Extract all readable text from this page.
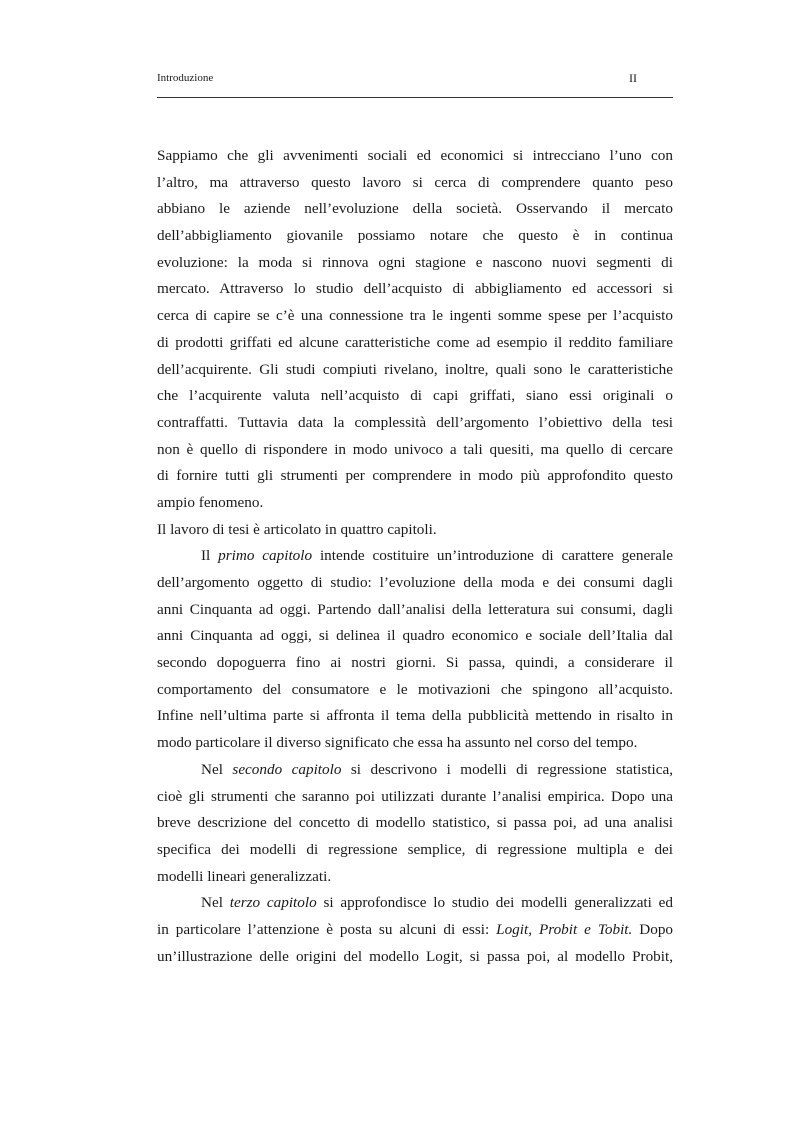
Introduzione	II
Sappiamo che gli avvenimenti sociali ed economici si intrecciano l’uno con
l’altro, ma attraverso questo lavoro si cerca di comprendere quanto peso
abbiano le aziende nell’evoluzione della società. Osservando il mercato
dell’abbigliamento giovanile possiamo notare che questo è in continua
evoluzione: la moda si rinnova ogni stagione e nascono nuovi segmenti di
mercato. Attraverso lo studio dell’acquisto di abbigliamento ed accessori si
cerca di capire se c’è una connessione tra le ingenti somme spese per l’acquisto
di prodotti griffati ed alcune caratteristiche come ad esempio il reddito familiare
dell’acquirente. Gli studi compiuti rivelano, inoltre, quali sono le caratteristiche
che l’acquirente valuta nell’acquisto di capi griffati, siano essi originali o
contraffatti. Tuttavia data la complessità dell’argomento l’obiettivo della tesi
non è quello di rispondere in modo univoco a tali quesiti, ma quello di cercare
di fornire tutti gli strumenti per comprendere in modo più approfondito questo
ampio fenomeno.
Il lavoro di tesi è articolato in quattro capitoli.
Il primo capitolo intende costituire un’introduzione di carattere generale
dell’argomento oggetto di studio: l’evoluzione della moda e dei consumi dagli
anni Cinquanta ad oggi. Partendo dall’analisi della letteratura sui consumi, dagli
anni Cinquanta ad oggi, si delinea il quadro economico e sociale dell’Italia dal
secondo dopoguerra fino ai nostri giorni. Si passa, quindi, a considerare il
comportamento del consumatore e le motivazioni che spingono all’acquisto.
Infine nell’ultima parte si affronta il tema della pubblicità mettendo in risalto in
modo particolare il diverso significato che essa ha assunto nel corso del tempo.
Nel secondo capitolo si descrivono i modelli di regressione statistica,
cioè gli strumenti che saranno poi utilizzati durante l’analisi empirica. Dopo una
breve descrizione del concetto di modello statistico, si passa poi, ad una analisi
specifica dei modelli di regressione semplice, di regressione multipla e dei
modelli lineari generalizzati.
Nel terzo capitolo si approfondisce lo studio dei modelli generalizzati ed
in particolare l’attenzione è posta su alcuni di essi: Logit, Probit e Tobit. Dopo
un’illustrazione delle origini del modello Logit, si passa poi, al modello Probit,
